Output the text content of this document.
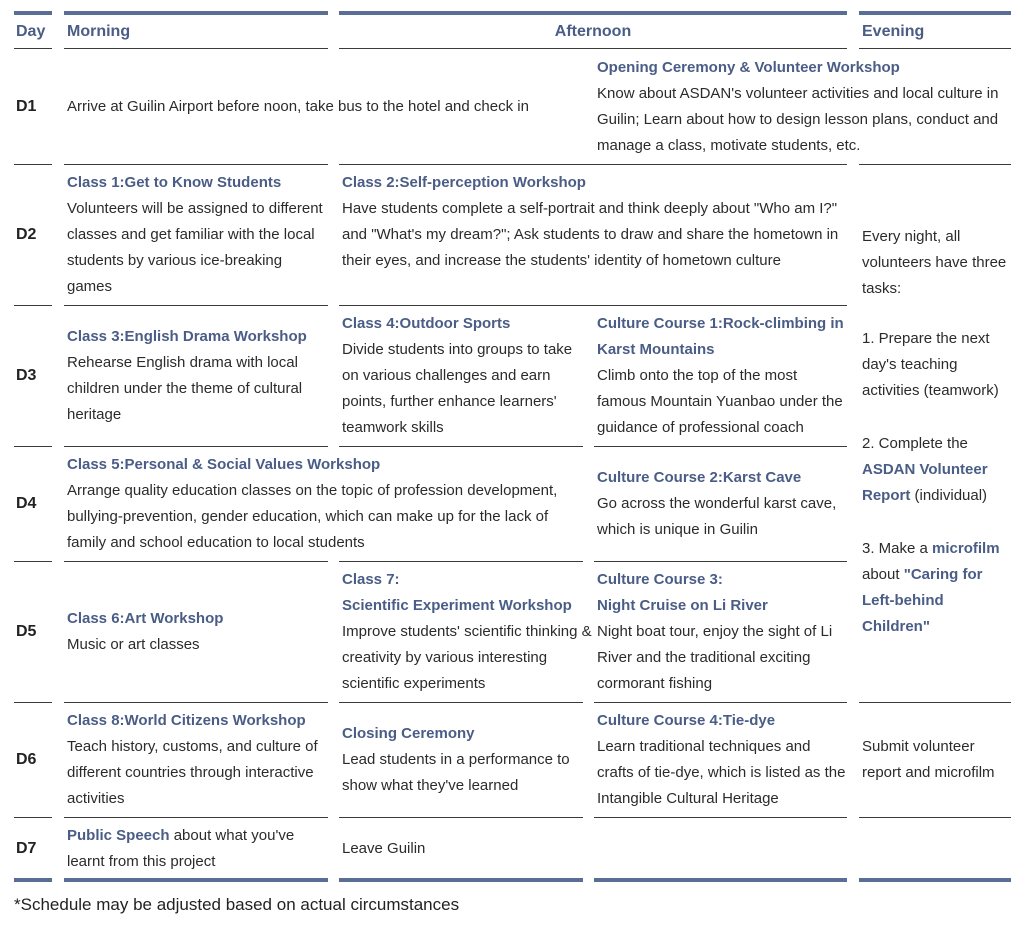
Day Morning	Afternoon	Evening
D1 Arrive at Guilin Airport before noon, take bus to the hotel and check in
Opening Ceremony & Volunteer Workshop
Know about ASDAN's volunteer activities and local culture in Guilin; Learn about how to design lesson plans, conduct and manage a class, motivate students, etc.
D2
Class 1:Get to Know Students
Volunteers will be assigned to different classes and get familiar with the local students by various ice-breaking games
Class 2:Self-perception Workshop
Have students complete a self-portrait and think deeply about "Who am I?" and "What's my dream?"; Ask students to draw and share the hometown in their eyes, and increase the students' identity of hometown culture
Every night, all volunteers have three tasks:
1. Prepare the next day's teaching activities (teamwork)
2. Complete the ASDAN Volunteer Report (individual)
3. Make a microfilm about "Caring for Left-behind Children"
D3
Class 3:English Drama Workshop
Rehearse English drama with local children under the theme of cultural heritage
Class 4:Outdoor Sports
Divide students into groups to take on various challenges and earn points, further enhance learners' teamwork skills
Culture Course 1:Rock-climbing in Karst Mountains
Climb onto the top of the most famous Mountain Yuanbao under the guidance of professional coach
D4
Class 5:Personal & Social Values Workshop
Arrange quality education classes on the topic of profession development, bullying-prevention, gender education, which can make up for the lack of family and school education to local students
Culture Course 2:Karst Cave
Go across the wonderful karst cave, which is unique in Guilin
D5
Class 6:Art Workshop
Music or art classes
Class 7:
Scientific Experiment Workshop
Improve students' scientific thinking & creativity by various interesting scientific experiments
Culture Course 3:
Night Cruise on Li River
Night boat tour, enjoy the sight of Li River and the traditional exciting cormorant fishing
D6
Class 8:World Citizens Workshop
Teach history, customs, and culture of different countries through interactive activities
Closing Ceremony
Lead students in a performance to show what they've learned
Culture Course 4:Tie-dye
Learn traditional techniques and crafts of tie-dye, which is listed as the Intangible Cultural Heritage
Submit volunteer report and microfilm
D7
Public Speech about what you've learnt from this project
Leave Guilin
*Schedule may be adjusted based on actual circumstances
